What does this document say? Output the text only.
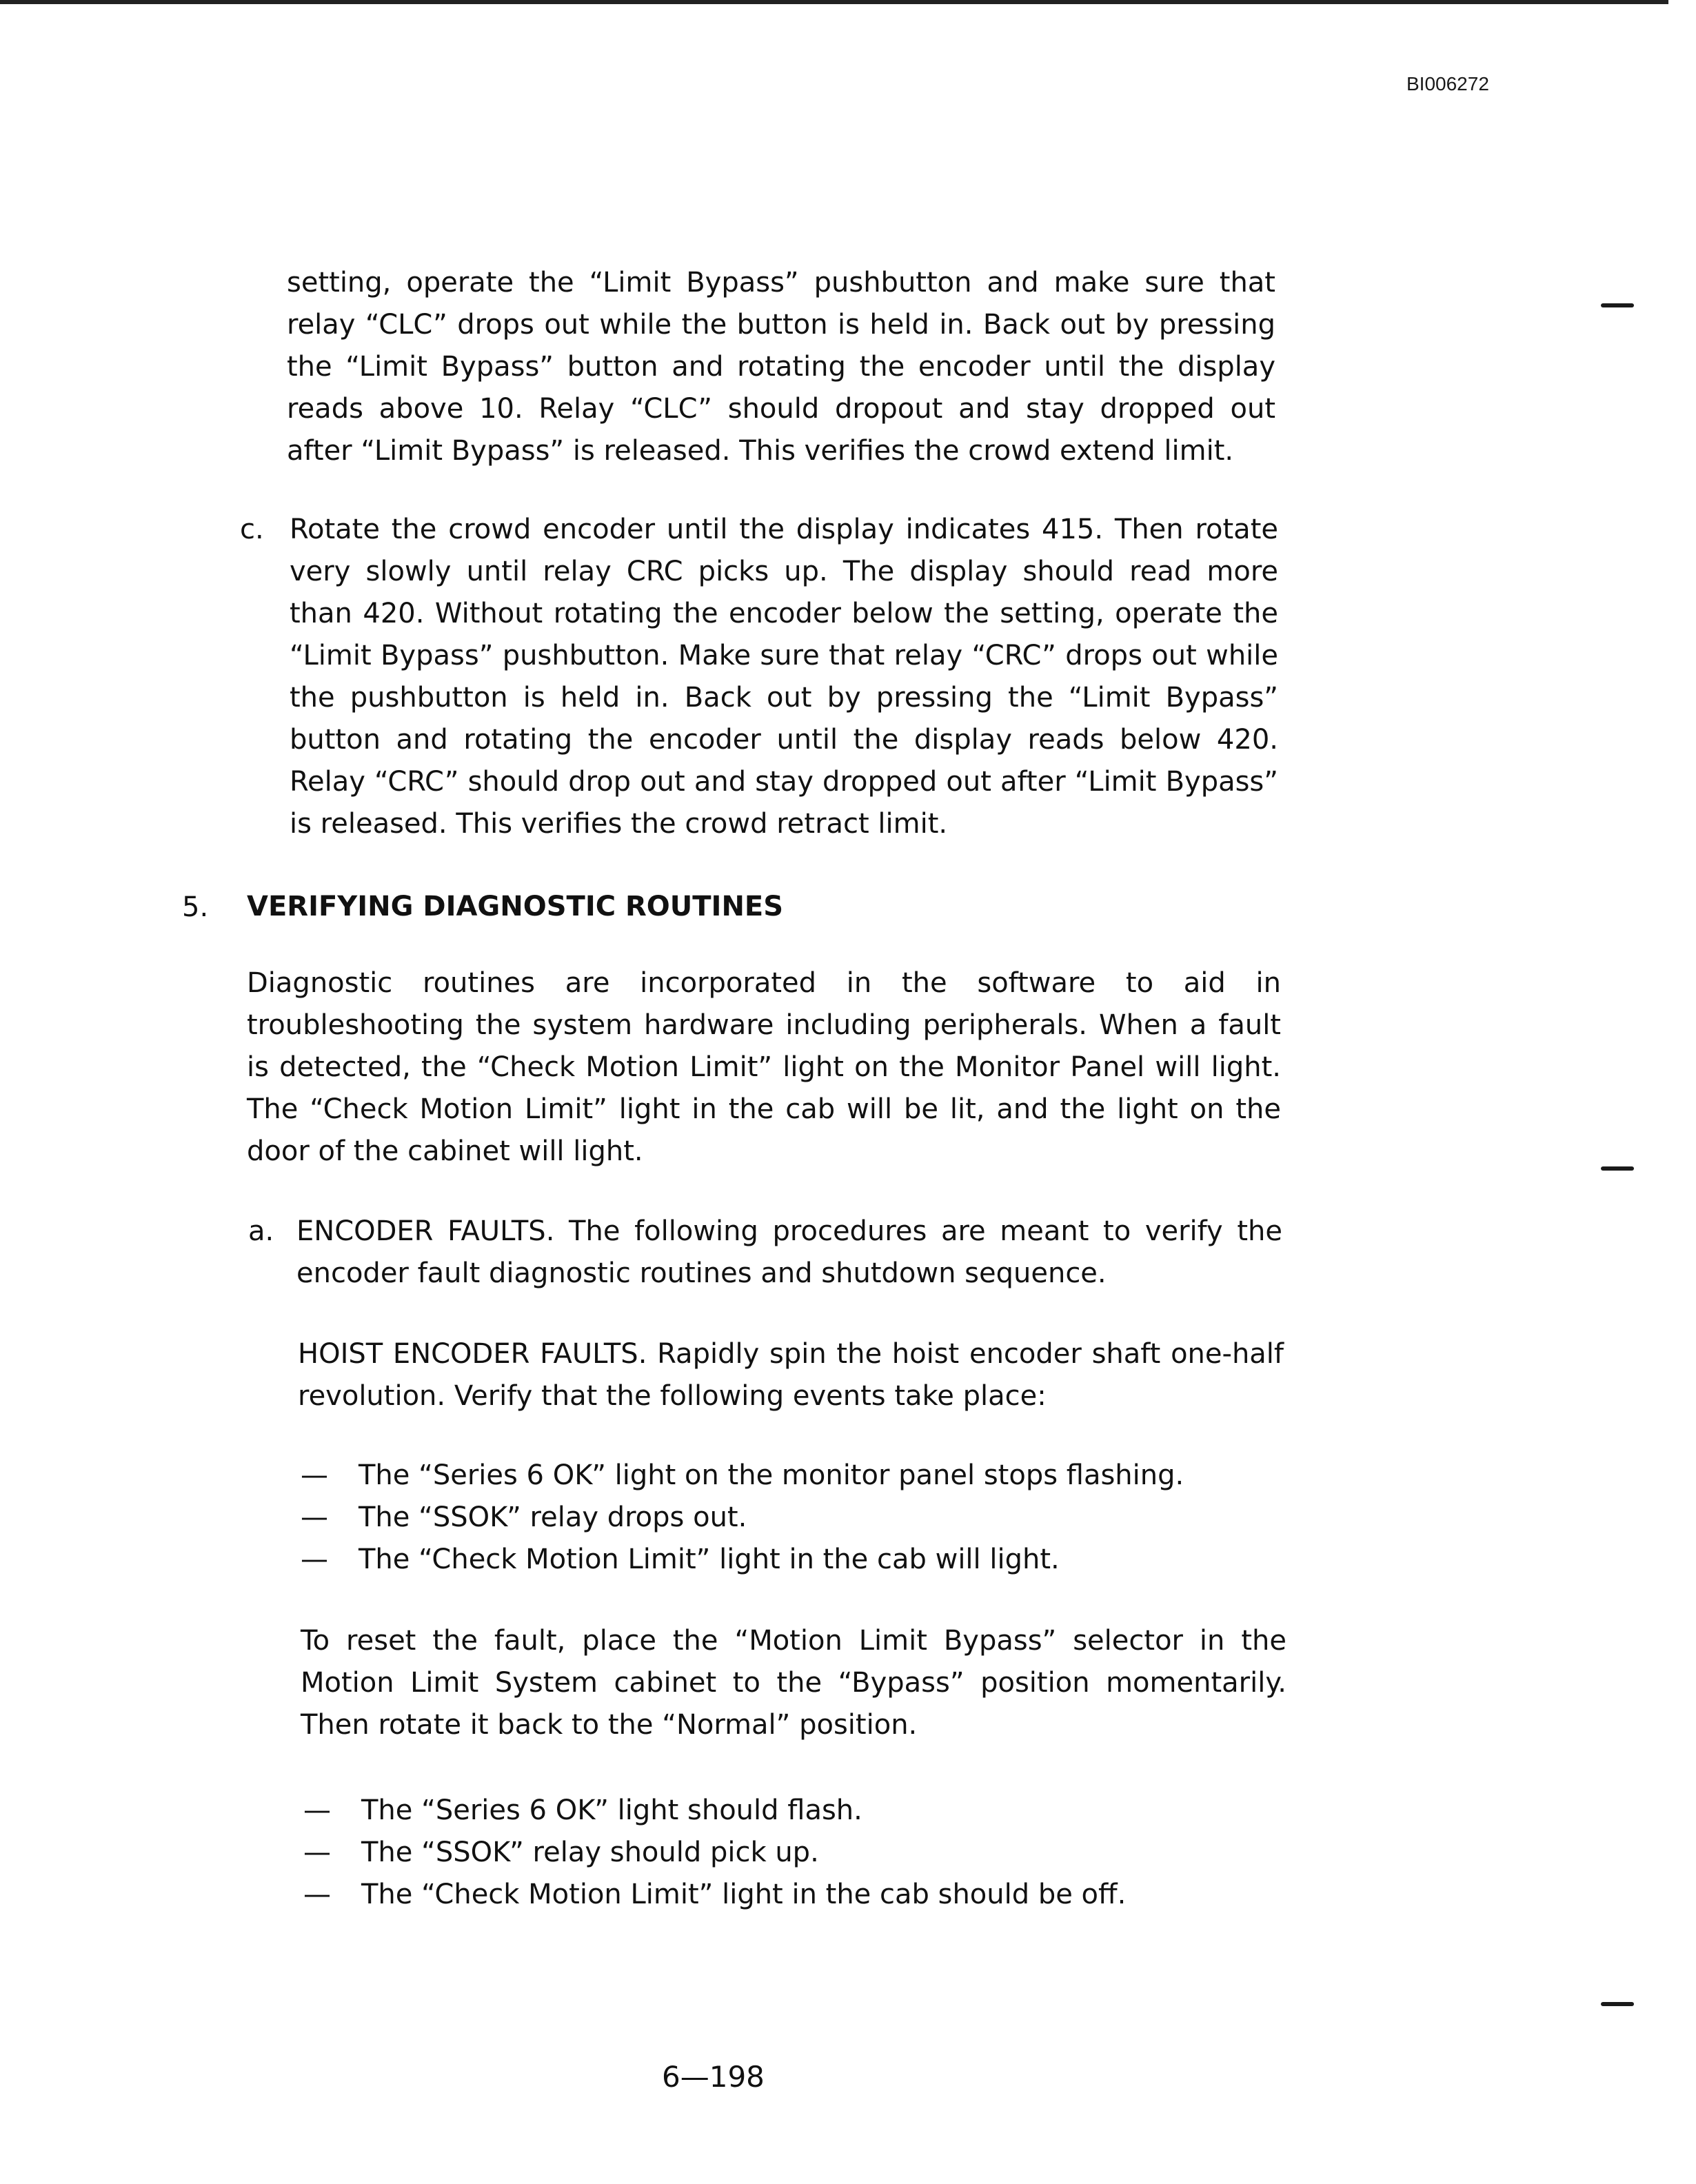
BI006272

setting, operate the “Limit Bypass” pushbutton and make sure that relay “CLC” drops out while the button is held in. Back out by pressing the “Limit Bypass” button and rotating the encoder until the display reads above 10. Relay “CLC” should dropout and stay dropped out after “Limit Bypass” is released. This verifies the crowd extend limit.

c. Rotate the crowd encoder until the display indicates 415. Then rotate very slowly until relay CRC picks up. The display should read more than 420. Without rotating the encoder below the setting, operate the “Limit Bypass” pushbutton. Make sure that relay “CRC” drops out while the pushbutton is held in. Back out by pressing the “Limit Bypass” button and rotating the encoder until the display reads below 420. Relay “CRC” should drop out and stay dropped out after “Limit Bypass” is released. This verifies the crowd retract limit.

5. VERIFYING DIAGNOSTIC ROUTINES

Diagnostic routines are incorporated in the software to aid in troubleshooting the system hardware including peripherals. When a fault is detected, the “Check Motion Limit” light on the Monitor Panel will light. The “Check Motion Limit” light in the cab will be lit, and the light on the door of the cabinet will light.

a. ENCODER FAULTS. The following procedures are meant to verify the encoder fault diagnostic routines and shutdown sequence.

HOIST ENCODER FAULTS. Rapidly spin the hoist encoder shaft one-half revolution. Verify that the following events take place:

— The “Series 6 OK” light on the monitor panel stops flashing.
— The “SSOK” relay drops out.
— The “Check Motion Limit” light in the cab will light.

To reset the fault, place the “Motion Limit Bypass” selector in the Motion Limit System cabinet to the “Bypass” position momentarily. Then rotate it back to the “Normal” position.

— The “Series 6 OK” light should flash.
— The “SSOK” relay should pick up.
— The “Check Motion Limit” light in the cab should be off.
6—198
